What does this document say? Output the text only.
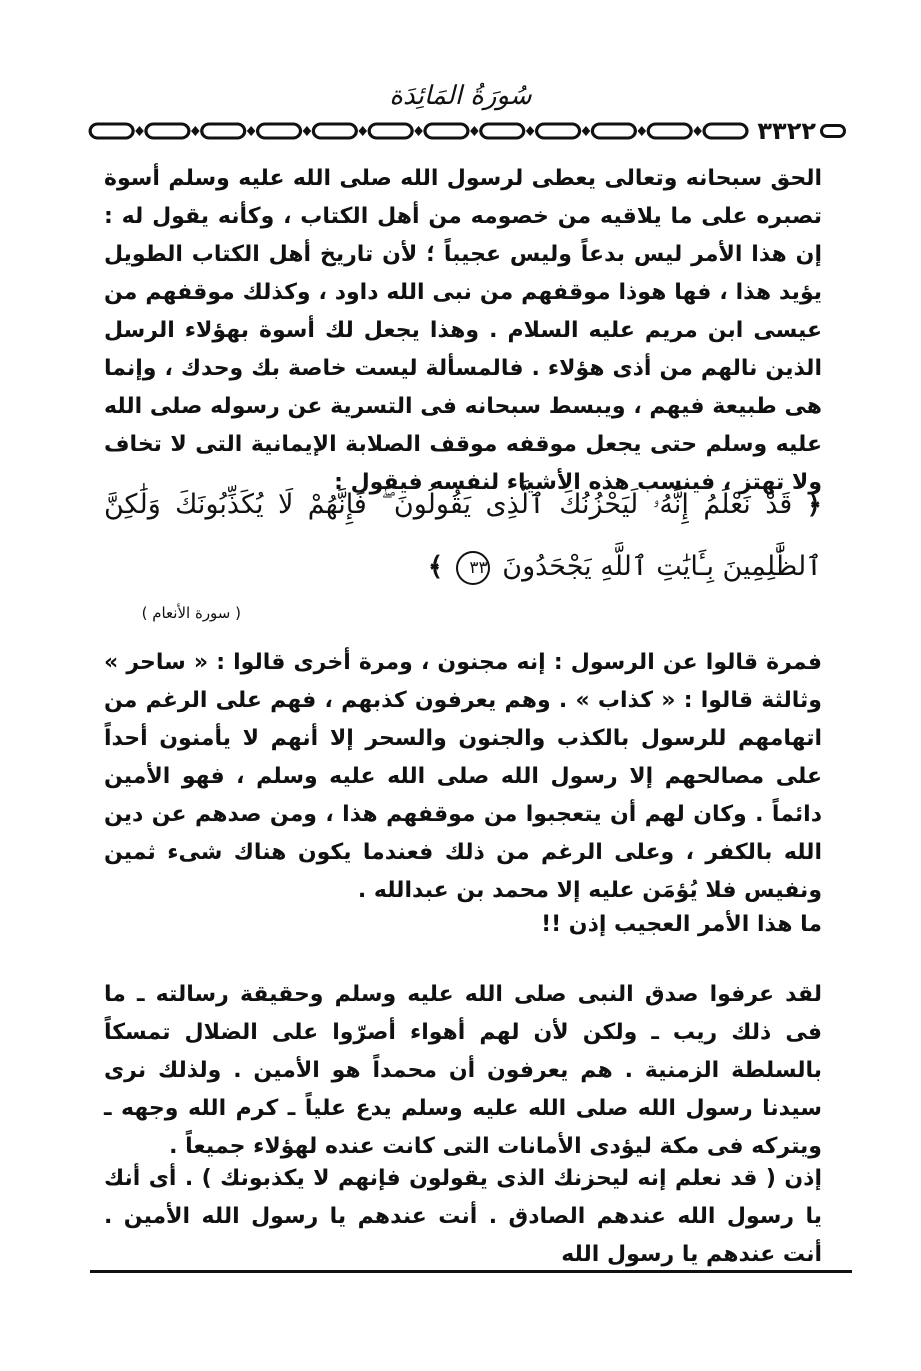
سُورَةُ المَائِدَة
٣٣٢٢

الحق سبحانه وتعالى يعطى لرسول الله صلى الله عليه وسلم أسوة تصبره على ما يلاقيه من خصومه من أهل الكتاب ، وكأنه يقول له : إن هذا الأمر ليس بدعاً وليس عجيباً ؛ لأن تاريخ أهل الكتاب الطويل يؤيد هذا ، فها هوذا موقفهم من نبى الله داود ، وكذلك موقفهم من عيسى ابن مريم عليه السلام . وهذا يجعل لك أسوة بهؤلاء الرسل الذين نالهم من أذى هؤلاء . فالمسألة ليست خاصة بك وحدك ، وإنما هى طبيعة فيهم ، ويبسط سبحانه فى التسرية عن رسوله صلى الله عليه وسلم حتى يجعل موقفه موقف الصلابة الإيمانية التى لا تخاف ولا تهتز ، فينسب هذه الأشياء لنفسه فيقول :

﴿ قَدْ نَعْلَمُ إِنَّهُۥ لَيَحْزُنُكَ ٱلَّذِى يَقُولُونَ ۖ فَإِنَّهُمْ لَا يُكَذِّبُونَكَ وَلَٰكِنَّ ٱلظَّٰلِمِينَ بِـَٔايَٰتِ ٱللَّهِ يَجْحَدُونَ ٣٣ ﴾
( سورة الأنعام )

فمرة قالوا عن الرسول : إنه مجنون ، ومرة أخرى قالوا : « ساحر » وثالثة قالوا : « كذاب » . وهم يعرفون كذبهم ، فهم على الرغم من اتهامهم للرسول بالكذب والجنون والسحر إلا أنهم لا يأمنون أحداً على مصالحهم إلا رسول الله صلى الله عليه وسلم ، فهو الأمين دائماً . وكان لهم أن يتعجبوا من موقفهم هذا ، ومن صدهم عن دين الله بالكفر ، وعلى الرغم من ذلك فعندما يكون هناك شىء ثمين ونفيس فلا يُؤمَن عليه إلا محمد بن عبدالله .

ما هذا الأمر العجيب إذن !!

لقد عرفوا صدق النبى صلى الله عليه وسلم وحقيقة رسالته ـ ما فى ذلك ريب ـ ولكن لأن لهم أهواء أصرّوا على الضلال تمسكاً بالسلطة الزمنية . هم يعرفون أن محمداً هو الأمين . ولذلك نرى سيدنا رسول الله صلى الله عليه وسلم يدع علياً ـ كرم الله وجهه ـ ويتركه فى مكة ليؤدى الأمانات التى كانت عنده لهؤلاء جميعاً .

إذن ( قد نعلم إنه ليحزنك الذى يقولون فإنهم لا يكذبونك ) . أى أنك يا رسول الله عندهم الصادق . أنت عندهم يا رسول الله الأمين . أنت عندهم يا رسول الله
